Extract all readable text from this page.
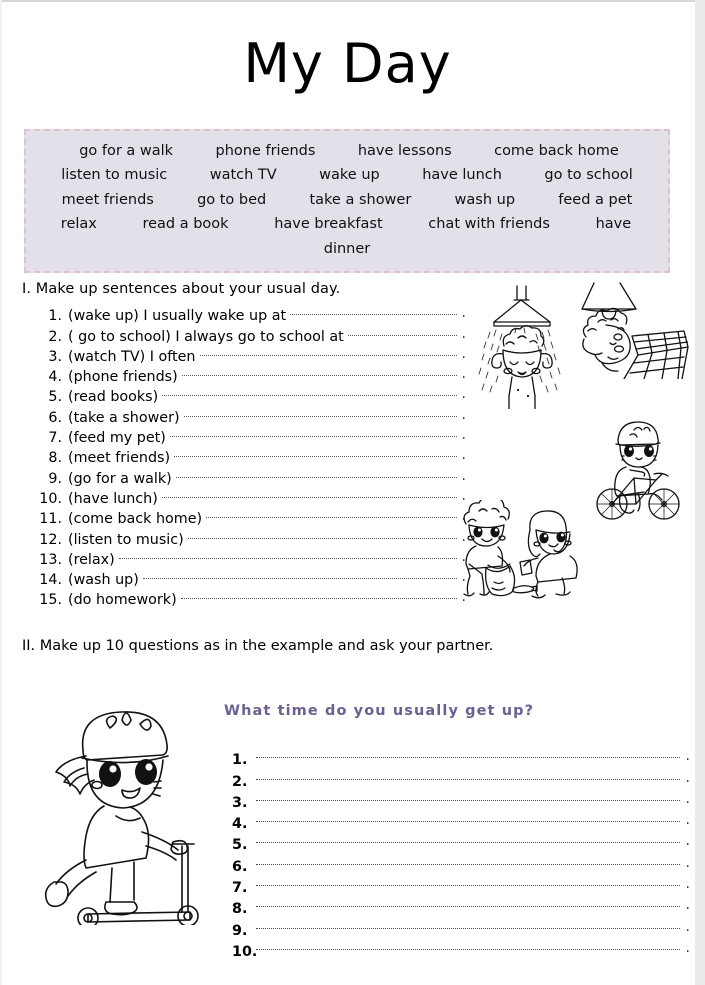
My Day
go for a walk	phone friends	have lessons	come back home
listen to music	watch TV	wake up	have lunch	go to school
meet friends	go to bed	take a shower	wash up	feed a pet
relax	read a book	have breakfast	chat with friends	have
dinner
I. Make up sentences about your usual day.
1. (wake up) I usually wake up at	.
2. ( go to school) I always go to school at	.
3. (watch TV) I often	.
4. (phone friends)	.
5. (read books)	.
6. (take a shower)	.
7. (feed my pet)	.
8. (meet friends)	.
9. (go for a walk)	.
10. (have lunch)	.
11. (come back home)	.
12. (listen to music)	.
13. (relax)	.
14. (wash up)	.
15. (do homework)	.
II. Make up 10 questions as in the example and ask your partner.
What time do you usually get up?
1.	.
2.	.
3.	.
4.	.
5.	.
6.	.
7.	.
8.	.
9.	.
10.	.
